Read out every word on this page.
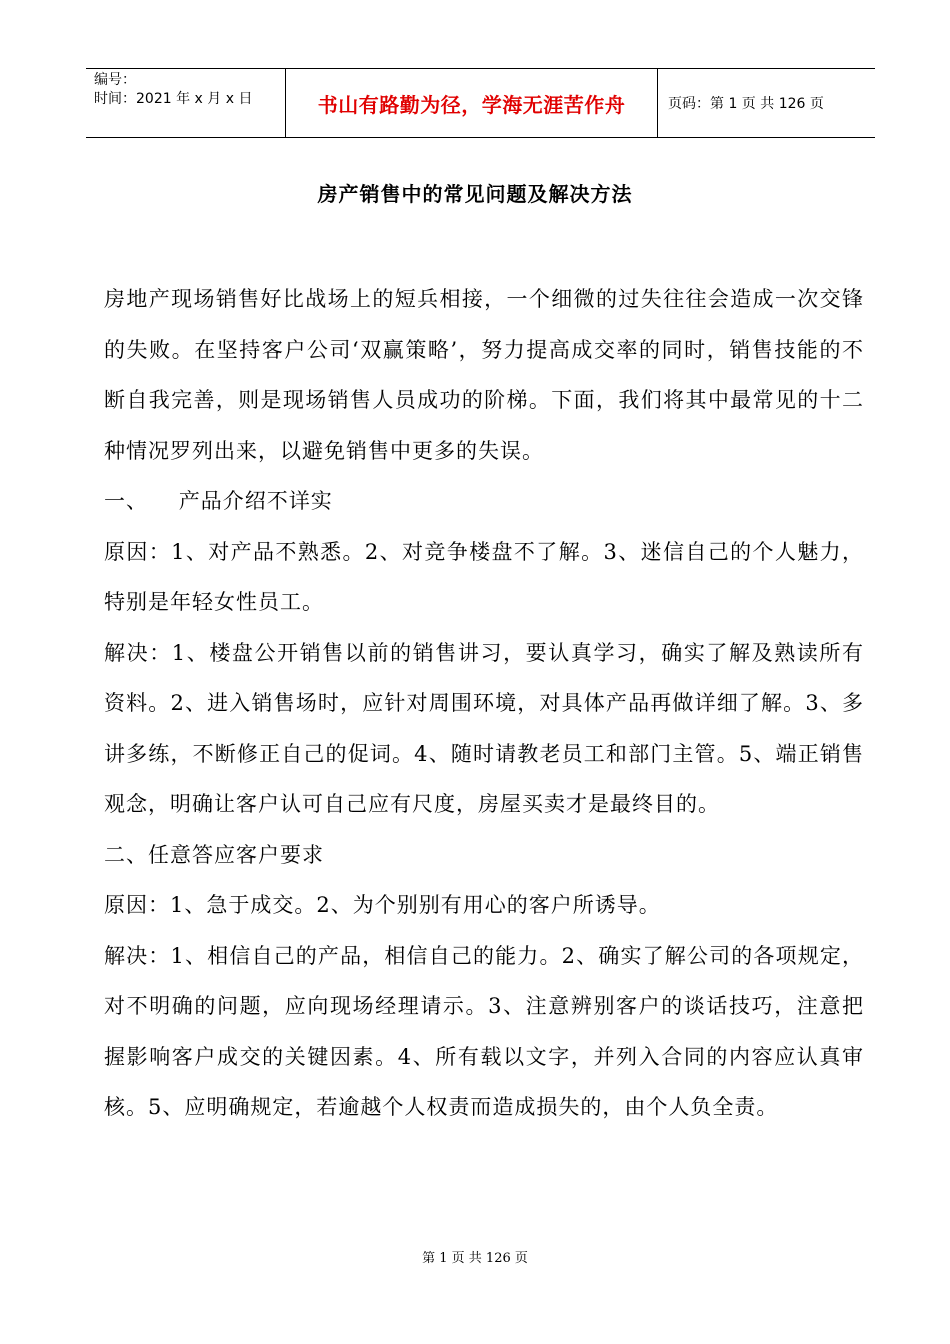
编号：
时间：2021 年 x 月 x 日	书山有路勤为径，学海无涯苦作舟	页码：第 1 页 共 126 页
房产销售中的常见问题及解决方法

房地产现场销售好比战场上的短兵相接，一个细微的过失往往会造成一次交锋的失败。在坚持客户公司‘双赢策略’，努力提高成交率的同时，销售技能的不断自我完善，则是现场销售人员成功的阶梯。下面，我们将其中最常见的十二种情况罗列出来，以避免销售中更多的失误。

一、    产品介绍不详实

原因：1、对产品不熟悉。2、对竞争楼盘不了解。3、迷信自己的个人魅力，特别是年轻女性员工。

解决：1、楼盘公开销售以前的销售讲习，要认真学习，确实了解及熟读所有资料。2、进入销售场时，应针对周围环境，对具体产品再做详细了解。3、多讲多练，不断修正自己的促词。4、随时请教老员工和部门主管。5、端正销售观念，明确让客户认可自己应有尺度，房屋买卖才是最终目的。

二、任意答应客户要求

原因：1、急于成交。2、为个别别有用心的客户所诱导。

解决：1、相信自己的产品，相信自己的能力。2、确实了解公司的各项规定，对不明确的问题，应向现场经理请示。3、注意辨别客户的谈话技巧，注意把握影响客户成交的关键因素。4、所有载以文字，并列入合同的内容应认真审核。5、应明确规定，若逾越个人权责而造成损失的，由个人负全责。

第 1 页 共 126 页
